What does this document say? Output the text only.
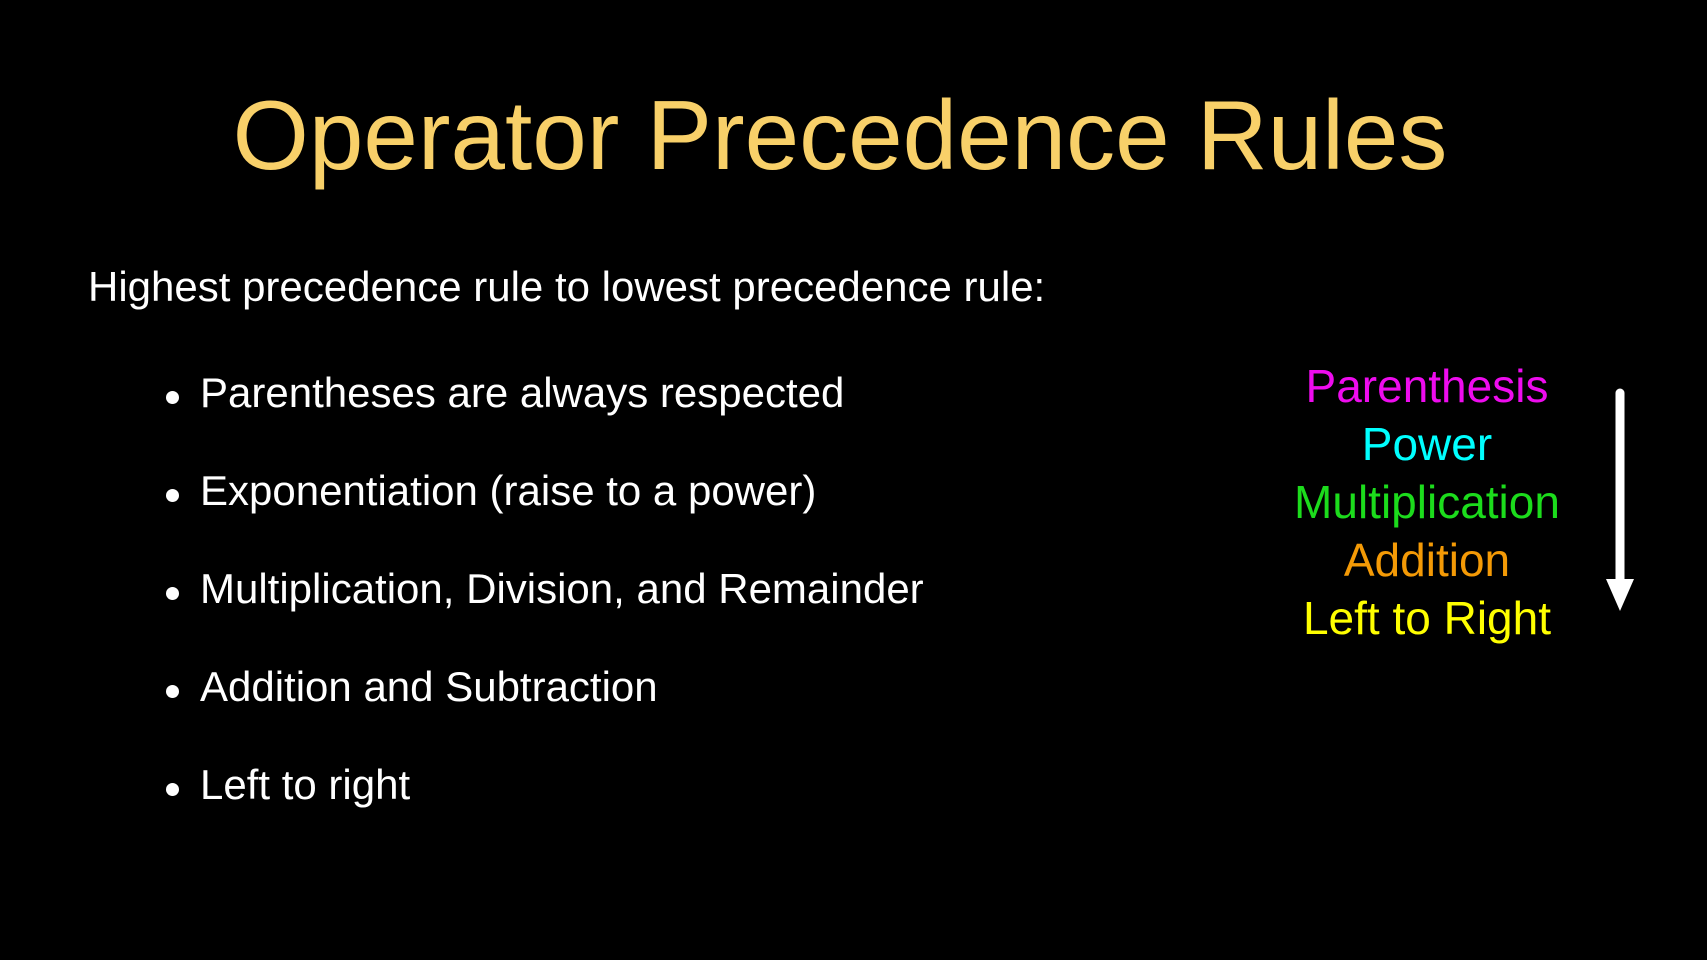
Operator Precedence Rules

Highest precedence rule to lowest precedence rule:

Parentheses are always respected
Exponentiation (raise to a power)
Multiplication, Division, and Remainder
Addition and Subtraction
Left to right
Parenthesis
Power
Multiplication
Addition
Left to Right
